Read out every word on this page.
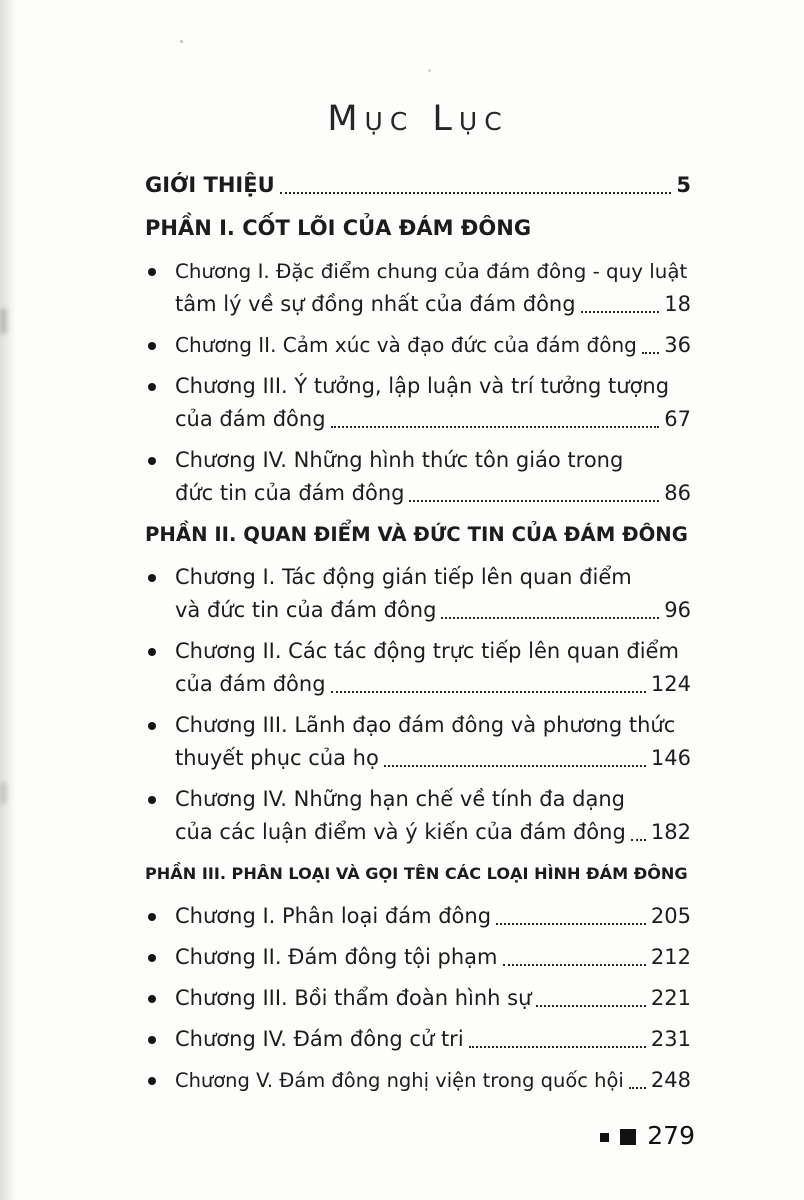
Mục Lục
GIỚI THIỆU	5
PHẦN I. CỐT LÕI CỦA ĐÁM ĐÔNG
Chương I. Đặc điểm chung của đám đông - quy luật
tâm lý về sự đồng nhất của đám đông	18
Chương II. Cảm xúc và đạo đức của đám đông 36
Chương III. Ý tưởng, lập luận và trí tưởng tượng
của đám đông	67
Chương IV. Những hình thức tôn giáo trong
đức tin của đám đông	86
PHẦN II. QUAN ĐIỂM VÀ ĐỨC TIN CỦA ĐÁM ĐÔNG
Chương I. Tác động gián tiếp lên quan điểm
và đức tin của đám đông	96
Chương II. Các tác động trực tiếp lên quan điểm
của đám đông	124
Chương III. Lãnh đạo đám đông và phương thức
thuyết phục của họ	146
Chương IV. Những hạn chế về tính đa dạng
của các luận điểm và ý kiến của đám đông 182
PHẦN III. PHÂN LOẠI VÀ GỌI TÊN CÁC LOẠI HÌNH ĐÁM ĐÔNG
Chương I. Phân loại đám đông	205
Chương II. Đám đông tội phạm	212
Chương III. Bồi thẩm đoàn hình sự	221
Chương IV. Đám đông cử tri	231
Chương V. Đám đông nghị viện trong quốc hội 248
279
